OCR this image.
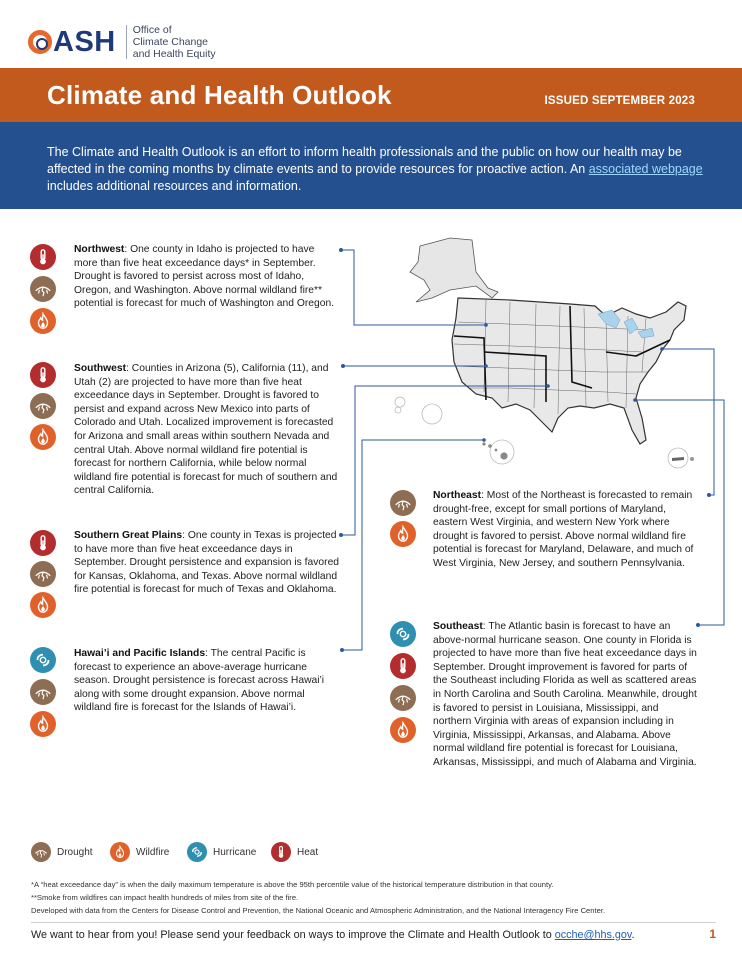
ASH Office of
Climate Change
and Health Equity
Climate and Health Outlook	ISSUED SEPTEMBER 2023

The Climate and Health Outlook is an effort to inform health professionals and the public on how our health may be affected in the coming months by climate events and to provide resources for proactive action. An associated webpage includes additional resources and information.

Northwest: One county in Idaho is projected to have more than five heat exceedance days* in September. Drought is favored to persist across most of Idaho, Oregon, and Washington. Above normal wildland fire** potential is forecast for much of Washington and Oregon.

Southwest: Counties in Arizona (5), California (11), and Utah (2) are projected to have more than five heat exceedance days in September. Drought is favored to persist and expand across New Mexico into parts of Colorado and Utah. Localized improvement is forecasted for Arizona and small areas within southern Nevada and central Utah. Above normal wildland fire potential is forecast for northern California, while below normal wildland fire potential is forecast for much of southern and central California.

Southern Great Plains: One county in Texas is projected to have more than five heat exceedance days in September. Drought persistence and expansion is favored for Kansas, Oklahoma, and Texas. Above normal wildland fire potential is forecast for much of Texas and Oklahoma.

Hawai’i and Pacific Islands: The central Pacific is forecast to experience an above-average hurricane season. Drought persistence is forecast across Hawai’i along with some drought expansion. Above normal wildland fire is forecast for the Islands of Hawai’i.

Northeast: Most of the Northeast is forecasted to remain drought-free, except for small portions of Maryland, eastern West Virginia, and western New York where drought is favored to persist. Above normal wildland fire potential is forecast for Maryland, Delaware, and much of West Virginia, New Jersey, and southern Pennsylvania.

Southeast: The Atlantic basin is forecast to have an above-normal hurricane season. One county in Florida is projected to have more than five heat exceedance days in September. Drought improvement is favored for parts of the Southeast including Florida as well as scattered areas in North Carolina and South Carolina. Meanwhile, drought is favored to persist in Louisiana, Mississippi, and northern Virginia with areas of expansion including in Virginia, Mississippi, Arkansas, and Alabama. Above normal wildland fire potential is forecast for Louisiana, Arkansas, Mississippi, and much of Alabama and Virginia.

Drought	Wildfire	Hurricane	Heat
*A “heat exceedance day” is when the daily maximum temperature is above the 95th percentile value of the historical temperature distribution in that county.
**Smoke from wildfires can impact health hundreds of miles from site of the fire.
Developed with data from the Centers for Disease Control and Prevention, the National Oceanic and Atmospheric Administration, and the National Interagency Fire Center.

We want to hear from you! Please send your feedback on ways to improve the Climate and Health Outlook to ocche@hhs.gov.	1
